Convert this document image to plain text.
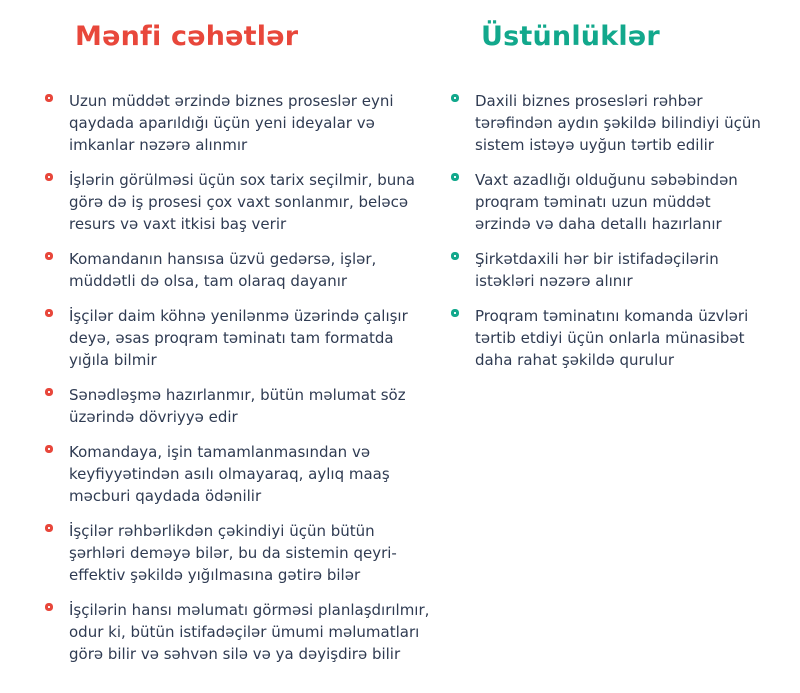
Mənfi cəhətlər

Uzun müddət ərzində biznes proseslər eyni qaydada aparıldığı üçün yeni ideyalar və imkanlar nəzərə alınmır

İşlərin görülməsi üçün sox tarix seçilmir, buna görə də iş prosesi çox vaxt sonlanmır, beləcə resurs və vaxt itkisi baş verir

Komandanın hansısa üzvü gedərsə, işlər, müddətli də olsa, tam olaraq dayanır

İşçilər daim köhnə yenilənmə üzərində çalışır deyə, əsas proqram təminatı tam formatda yığıla bilmir

Sənədləşmə hazırlanmır, bütün məlumat söz üzərində dövriyyə edir

Komandaya, işin tamamlanmasından və keyfiyyətindən asılı olmayaraq, aylıq maaş məcburi qaydada ödənilir

İşçilər rəhbərlikdən çəkindiyi üçün bütün şərhləri deməyə bilər, bu da sistemin qeyri-effektiv şəkildə yığılmasına gətirə bilər

İşçilərin hansı məlumatı görməsi planlaşdırılmır, odur ki, bütün istifadəçilər ümumi məlumatları görə bilir və səhvən silə və ya dəyişdirə bilir

Üstünlüklər

Daxili biznes prosesləri rəhbər tərəfindən aydın şəkildə bilindiyi üçün sistem istəyə uyğun tərtib edilir

Vaxt azadlığı olduğunu səbəbindən proqram təminatı uzun müddət ərzində və daha detallı hazırlanır

Şirkətdaxili hər bir istifadəçilərin istəkləri nəzərə alınır

Proqram təminatını komanda üzvləri tərtib etdiyi üçün onlarla münasibət daha rahat şəkildə qurulur
